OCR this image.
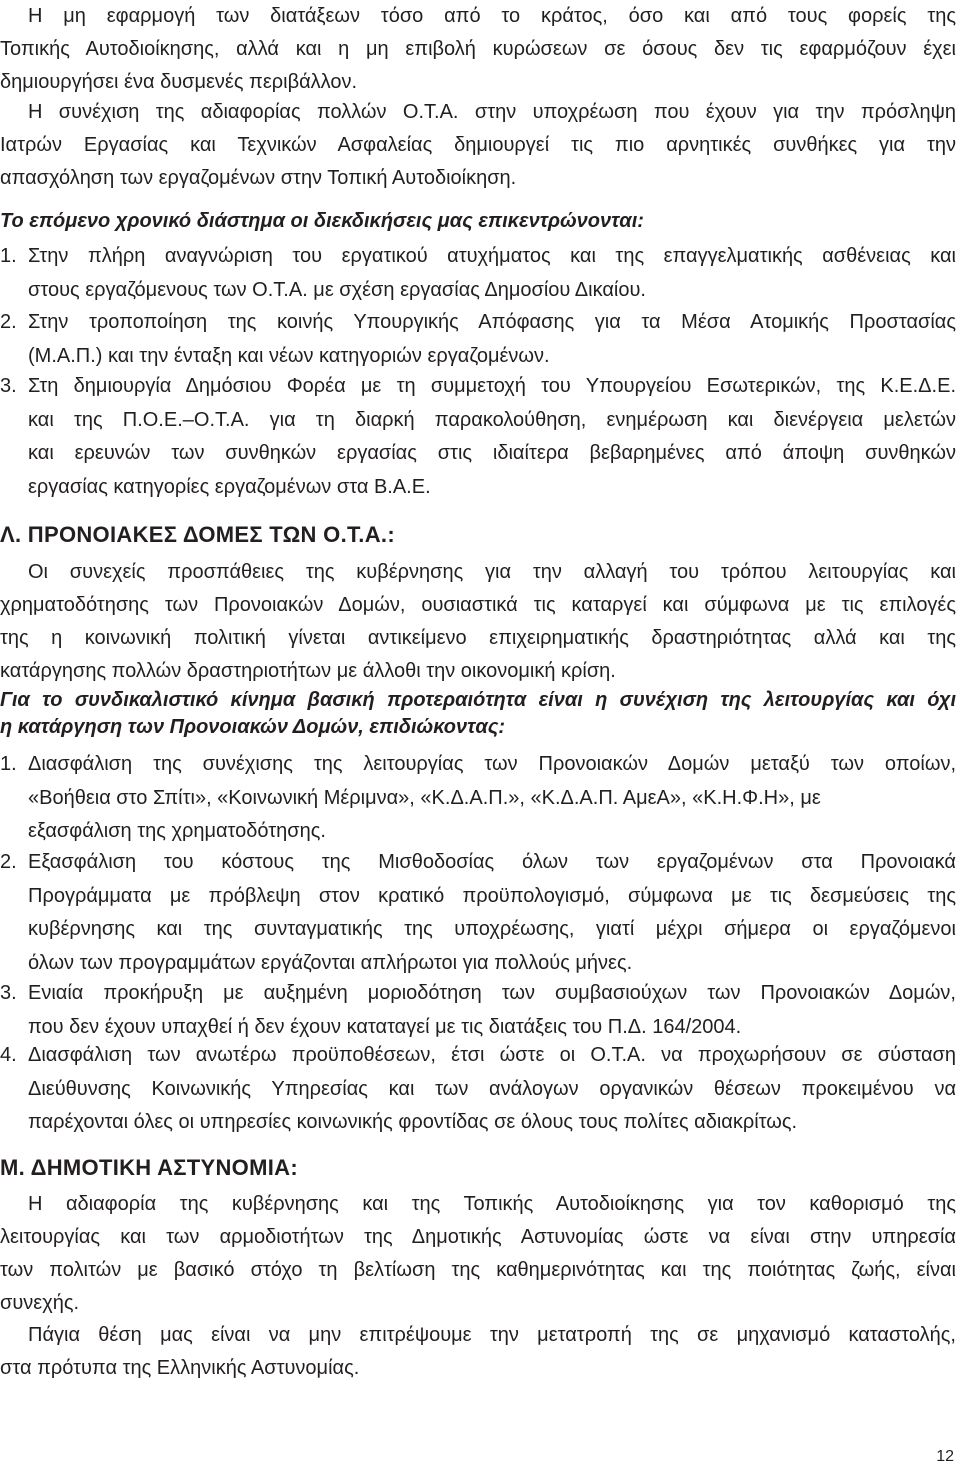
Η μη εφαρμογή των διατάξεων τόσο από το κράτος, όσο και από τους φορείς της
Τοπικής Αυτοδιοίκησης, αλλά και η μη επιβολή κυρώσεων σε όσους δεν τις εφαρμόζουν έχει
δημιουργήσει ένα δυσμενές περιβάλλον.
Η συνέχιση της αδιαφορίας πολλών Ο.Τ.Α. στην υποχρέωση που έχουν για την πρόσληψη
Ιατρών Εργασίας και Τεχνικών Ασφαλείας δημιουργεί τις πιο αρνητικές συνθήκες για την
απασχόληση των εργαζομένων στην Τοπική Αυτοδιοίκηση.
Το επόμενο χρονικό διάστημα οι διεκδικήσεις μας επικεντρώνονται:
1. Στην πλήρη αναγνώριση του εργατικού ατυχήματος και της επαγγελματικής ασθένειας και
στους εργαζόμενους των Ο.Τ.Α. με σχέση εργασίας Δημοσίου Δικαίου.
2. Στην τροποποίηση της κοινής Υπουργικής Απόφασης για τα Μέσα Ατομικής Προστασίας
(Μ.Α.Π.) και την ένταξη και νέων κατηγοριών εργαζομένων.
3. Στη δημιουργία Δημόσιου Φορέα με τη συμμετοχή του Υπουργείου Εσωτερικών, της Κ.Ε.Δ.Ε.
και της Π.Ο.Ε.–Ο.Τ.Α. για τη διαρκή παρακολούθηση, ενημέρωση και διενέργεια μελετών
και ερευνών των συνθηκών εργασίας στις ιδιαίτερα βεβαρημένες από άποψη συνθηκών
εργασίας κατηγορίες εργαζομένων στα Β.Α.Ε.
Λ. ΠΡΟΝΟΙΑΚΕΣ ΔΟΜΕΣ ΤΩΝ Ο.Τ.Α.:
Οι συνεχείς προσπάθειες της κυβέρνησης για την αλλαγή του τρόπου λειτουργίας και
χρηματοδότησης των Προνοιακών Δομών, ουσιαστικά τις καταργεί και σύμφωνα με τις επιλογές
της η κοινωνική πολιτική γίνεται αντικείμενο επιχειρηματικής δραστηριότητας αλλά και της
κατάργησης πολλών δραστηριοτήτων με άλλοθι την οικονομική κρίση.
Για το συνδικαλιστικό κίνημα βασική προτεραιότητα είναι η συνέχιση της λειτουργίας και όχι
η κατάργηση των Προνοιακών Δομών, επιδιώκοντας:
1. Διασφάλιση της συνέχισης της λειτουργίας των Προνοιακών Δομών μεταξύ των οποίων,
«Βοήθεια στο Σπίτι», «Κοινωνική Μέριμνα», «Κ.Δ.Α.Π.», «Κ.Δ.Α.Π. ΑμεΑ», «Κ.Η.Φ.Η», με
εξασφάλιση της χρηματοδότησης.
2. Εξασφάλιση του κόστους της Μισθοδοσίας όλων των εργαζομένων στα Προνοιακά
Προγράμματα με πρόβλεψη στον κρατικό προϋπολογισμό, σύμφωνα με τις δεσμεύσεις της
κυβέρνησης και της συνταγματικής της υποχρέωσης, γιατί μέχρι σήμερα οι εργαζόμενοι
όλων των προγραμμάτων εργάζονται απλήρωτοι για πολλούς μήνες.
3. Ενιαία προκήρυξη με αυξημένη μοριοδότηση των συμβασιούχων των Προνοιακών Δομών,
που δεν έχουν υπαχθεί ή δεν έχουν καταταγεί με τις διατάξεις του Π.Δ. 164/2004.
4. Διασφάλιση των ανωτέρω προϋποθέσεων, έτσι ώστε οι Ο.Τ.Α. να προχωρήσουν σε σύσταση
Διεύθυνσης Κοινωνικής Υπηρεσίας και των ανάλογων οργανικών θέσεων προκειμένου να
παρέχονται όλες οι υπηρεσίες κοινωνικής φροντίδας σε όλους τους πολίτες αδιακρίτως.
Μ. ΔΗΜΟΤΙΚΗ ΑΣΤΥΝΟΜΙΑ:
Η αδιαφορία της κυβέρνησης και της Τοπικής Αυτοδιοίκησης για τον καθορισμό της
λειτουργίας και των αρμοδιοτήτων της Δημοτικής Αστυνομίας ώστε να είναι στην υπηρεσία
των πολιτών με βασικό στόχο τη βελτίωση της καθημερινότητας και της ποιότητας ζωής, είναι
συνεχής.
Πάγια θέση μας είναι να μην επιτρέψουμε την μετατροπή της σε μηχανισμό καταστολής,
στα πρότυπα της Ελληνικής Αστυνομίας.
12
